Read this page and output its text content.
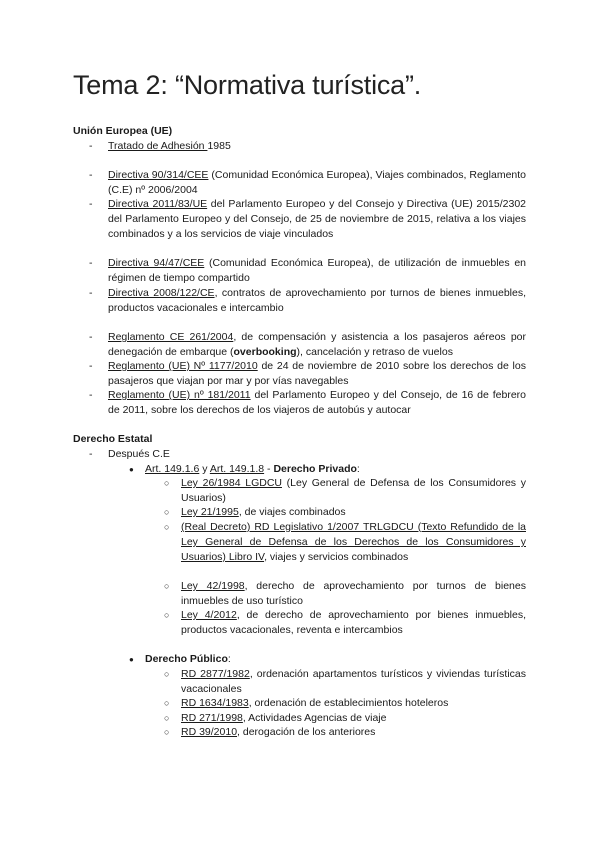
Tema 2: “Normativa turística”.
Unión Europea (UE)
- Tratado de Adhesión 1985
- Directiva 90/314/CEE (Comunidad Económica Europea), Viajes combinados, Reglamento (C.E) nº 2006/2004
- Directiva 2011/83/UE del Parlamento Europeo y del Consejo y Directiva (UE) 2015/2302 del Parlamento Europeo y del Consejo, de 25 de noviembre de 2015, relativa a los viajes combinados y a los servicios de viaje vinculados
- Directiva 94/47/CEE (Comunidad Económica Europea), de utilización de inmuebles en régimen de tiempo compartido
- Directiva 2008/122/CE, contratos de aprovechamiento por turnos de bienes inmuebles, productos vacacionales e intercambio
- Reglamento CE 261/2004, de compensación y asistencia a los pasajeros aéreos por denegación de embarque (overbooking), cancelación y retraso de vuelos
- Reglamento (UE) Nº 1177/2010 de 24 de noviembre de 2010 sobre los derechos de los pasajeros que viajan por mar y por vías navegables
- Reglamento (UE) nº 181/2011 del Parlamento Europeo y del Consejo, de 16 de febrero de 2011, sobre los derechos de los viajeros de autobús y autocar
Derecho Estatal
- Después C.E
● Art. 149.1.6 y Art. 149.1.8 - Derecho Privado:
○ Ley 26/1984 LGDCU (Ley General de Defensa de los Consumidores y Usuarios)
○ Ley 21/1995, de viajes combinados
○ (Real Decreto) RD Legislativo 1/2007 TRLGDCU (Texto Refundido de la Ley General de Defensa de los Derechos de los Consumidores y Usuarios) Libro IV, viajes y servicios combinados
○ Ley 42/1998, derecho de aprovechamiento por turnos de bienes inmuebles de uso turístico
○ Ley 4/2012, de derecho de aprovechamiento por bienes inmuebles, productos vacacionales, reventa e intercambios
● Derecho Público:
○ RD 2877/1982, ordenación apartamentos turísticos y viviendas turísticas vacacionales
○ RD 1634/1983, ordenación de establecimientos hoteleros
○ RD 271/1998, Actividades Agencias de viaje
○ RD 39/2010, derogación de los anteriores
